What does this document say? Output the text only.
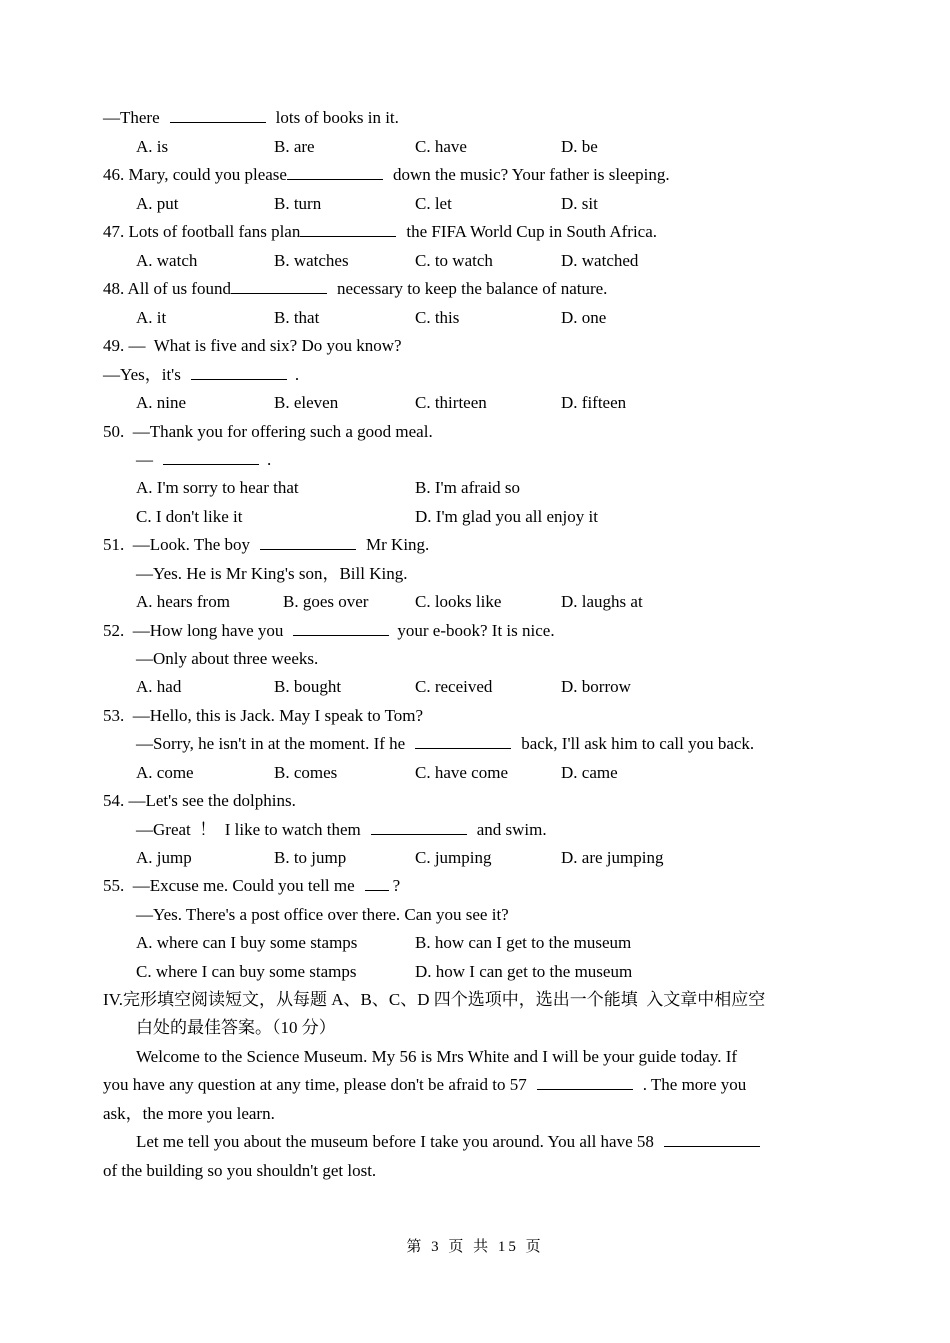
—There	lots of books in it.
A. is	B. are	C. have	D. be
46. Mary, could you please	down the music? Your father is sleeping.
A. put	B. turn	C. let	D. sit
47. Lots of football fans plan	the FIFA World Cup in South Africa.
A. watch	B. watches	C. to watch	D. watched
48. All of us found	necessary to keep the balance of nature.
A. it	B. that	C. this	D. one
49. —  What is five and six? Do you know?
—Yes，it's	.
A. nine	B. eleven	C. thirteen	D. fifteen
50.  —Thank you for offering such a good meal.
—	.
A. I'm sorry to hear that	B. I'm afraid so
C. I don't like it	D. I'm glad you all enjoy it
51.  —Look. The boy	Mr King.
—Yes. He is Mr King's son，Bill King.
A. hears from	B. goes over	C. looks like	D. laughs at
52.  —How long have you	your e-book? It is nice.
—Only about three weeks.
A. had	B. bought	C. received	D. borrow
53.  —Hello, this is Jack. May I speak to Tom?
—Sorry, he isn't in at the moment. If he	back, I'll ask him to call you back.
A. come	B. comes	C. have come	D. came
54. —Let's see the dolphins.
—Great  ！  I like to watch them	and swim.
A. jump	B. to jump	C. jumping	D. are jumping
55.  —Excuse me. Could you tell me ?
—Yes. There's a post office over there. Can you see it?
A. where can I buy some stamps	B. how can I get to the museum
C. where I can buy some stamps	D. how I can get to the museum
IV.完形填空阅读短文，从每题 A、B、C、D 四个选项中，选出一个能填  入文章中相应空
白处的最佳答案。（10 分）
Welcome to the Science Museum. My 56 is Mrs White and I will be your guide today. If
you have any question at any time, please don't be afraid to 57	. The more you
ask，the more you learn.
Let me tell you about the museum before I take you around. You all have 58
of the building so you shouldn't get lost.
第 3 页 共 15 页
